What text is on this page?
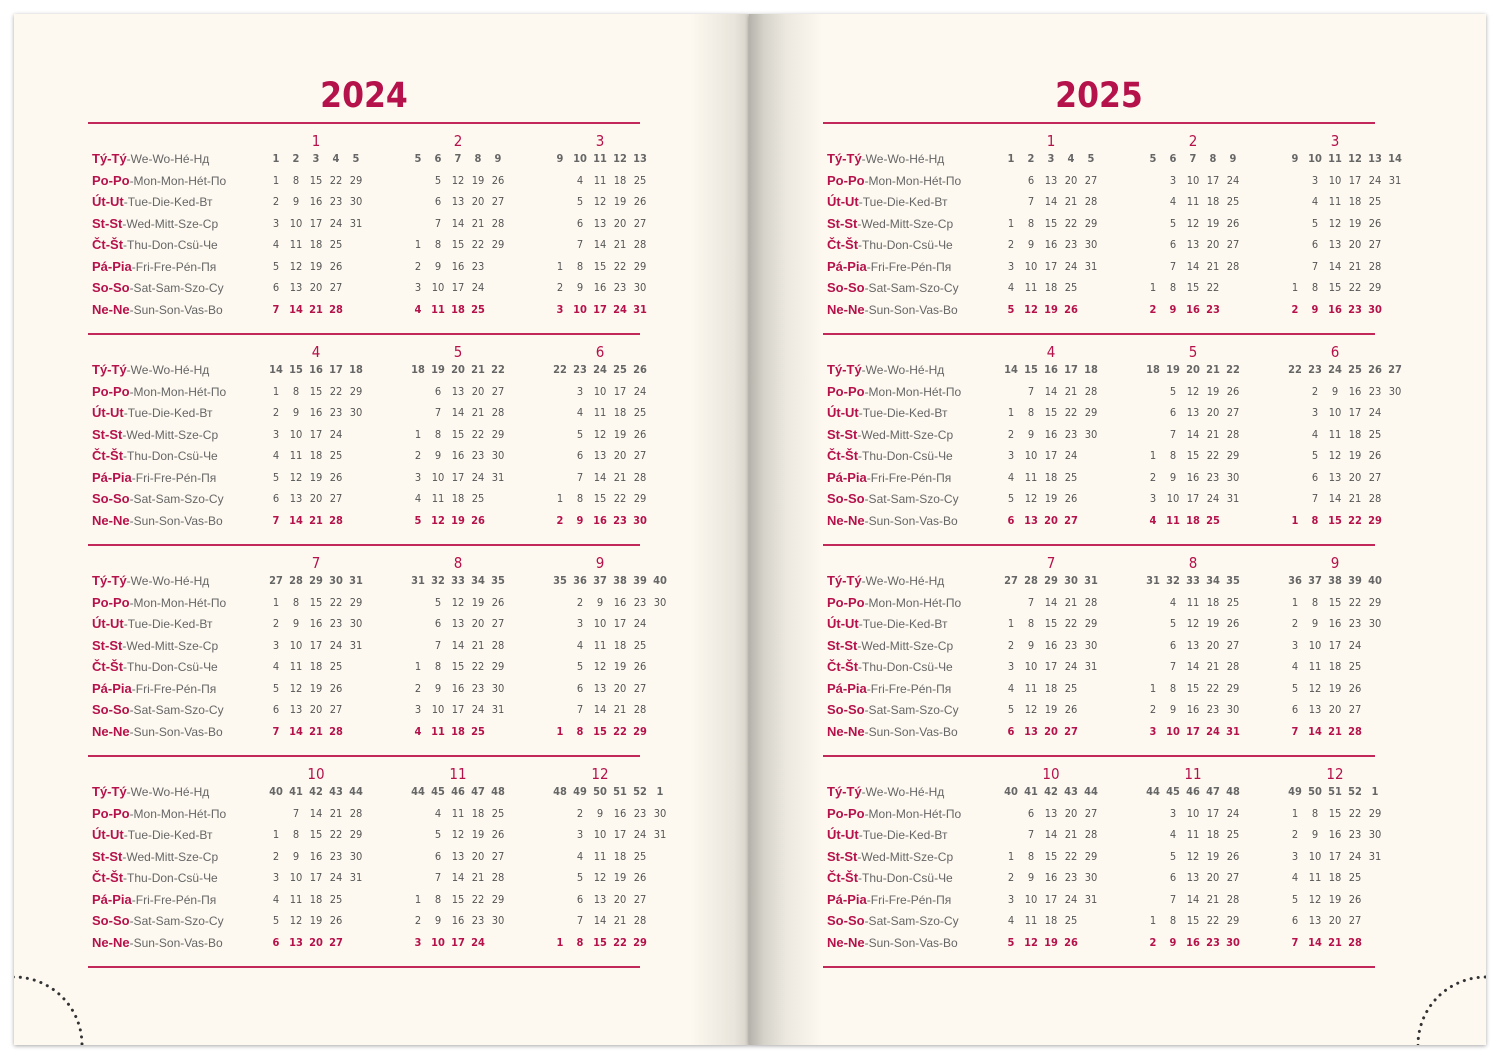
2024
Tý-Tý-We-Wo-Hé-Нд
Po-Po-Mon-Mon-Hét-По
Út-Ut-Tue-Die-Ked-Вт
St-St-Wed-Mitt-Sze-Ср
Čt-Št-Thu-Don-Csü-Че
Pá-Pia-Fri-Fre-Pén-Пя
So-So-Sat-Sam-Szo-Cy
Ne-Ne-Sun-Son-Vas-Bo
1
1
1
2
3
4
5
6
7
2
8
9
10
11
12
13
14
3
15
16
17
18
19
20
21
4
22
23
24
25
26
27
28
5
29
30
31
2
5
1
2
3
4
6
5
6
7
8
9
10
11
7
12
13
14
15
16
17
18
8
19
20
21
22
23
24
25
9
26
27
28
29
3
9
1
2
3
10
4
5
6
7
8
9
10
11
11
12
13
14
15
16
17
12
18
19
20
21
22
23
24
13
25
26
27
28
29
30
31
Tý-Tý-We-Wo-Hé-Нд
Po-Po-Mon-Mon-Hét-По
Út-Ut-Tue-Die-Ked-Вт
St-St-Wed-Mitt-Sze-Ср
Čt-Št-Thu-Don-Csü-Че
Pá-Pia-Fri-Fre-Pén-Пя
So-So-Sat-Sam-Szo-Cy
Ne-Ne-Sun-Son-Vas-Bo
4
14
1
2
3
4
5
6
7
15
8
9
10
11
12
13
14
16
15
16
17
18
19
20
21
17
22
23
24
25
26
27
28
18
29
30
5
18
1
2
3
4
5
19
6
7
8
9
10
11
12
20
13
14
15
16
17
18
19
21
20
21
22
23
24
25
26
22
27
28
29
30
31
6
22
1
2
23
3
4
5
6
7
8
9
24
10
11
12
13
14
15
16
25
17
18
19
20
21
22
23
26
24
25
26
27
28
29
30
Tý-Tý-We-Wo-Hé-Нд
Po-Po-Mon-Mon-Hét-По
Út-Ut-Tue-Die-Ked-Вт
St-St-Wed-Mitt-Sze-Ср
Čt-Št-Thu-Don-Csü-Че
Pá-Pia-Fri-Fre-Pén-Пя
So-So-Sat-Sam-Szo-Cy
Ne-Ne-Sun-Son-Vas-Bo
7
27
1
2
3
4
5
6
7
28
8
9
10
11
12
13
14
29
15
16
17
18
19
20
21
30
22
23
24
25
26
27
28
31
29
30
31
8
31
1
2
3
4
32
5
6
7
8
9
10
11
33
12
13
14
15
16
17
18
34
19
20
21
22
23
24
25
35
26
27
28
29
30
31
9
35
1
36
2
3
4
5
6
7
8
37
9
10
11
12
13
14
15
38
16
17
18
19
20
21
22
39
23
24
25
26
27
28
29
40
30
Tý-Tý-We-Wo-Hé-Нд
Po-Po-Mon-Mon-Hét-По
Út-Ut-Tue-Die-Ked-Вт
St-St-Wed-Mitt-Sze-Ср
Čt-Št-Thu-Don-Csü-Че
Pá-Pia-Fri-Fre-Pén-Пя
So-So-Sat-Sam-Szo-Cy
Ne-Ne-Sun-Son-Vas-Bo
10
40
1
2
3
4
5
6
41
7
8
9
10
11
12
13
42
14
15
16
17
18
19
20
43
21
22
23
24
25
26
27
44
28
29
30
31
11
44
1
2
3
45
4
5
6
7
8
9
10
46
11
12
13
14
15
16
17
47
18
19
20
21
22
23
24
48
25
26
27
28
29
30
12
48
1
49
2
3
4
5
6
7
8
50
9
10
11
12
13
14
15
51
16
17
18
19
20
21
22
52
23
24
25
26
27
28
29
1
30
31
2025
Tý-Tý-We-Wo-Hé-Нд
Po-Po-Mon-Mon-Hét-По
Út-Ut-Tue-Die-Ked-Вт
St-St-Wed-Mitt-Sze-Ср
Čt-Št-Thu-Don-Csü-Че
Pá-Pia-Fri-Fre-Pén-Пя
So-So-Sat-Sam-Szo-Cy
Ne-Ne-Sun-Son-Vas-Bo
1
1
1
2
3
4
5
2
6
7
8
9
10
11
12
3
13
14
15
16
17
18
19
4
20
21
22
23
24
25
26
5
27
28
29
30
31
2
5
1
2
6
3
4
5
6
7
8
9
7
10
11
12
13
14
15
16
8
17
18
19
20
21
22
23
9
24
25
26
27
28
3
9
1
2
10
3
4
5
6
7
8
9
11
10
11
12
13
14
15
16
12
17
18
19
20
21
22
23
13
24
25
26
27
28
29
30
14
31
Tý-Tý-We-Wo-Hé-Нд
Po-Po-Mon-Mon-Hét-По
Út-Ut-Tue-Die-Ked-Вт
St-St-Wed-Mitt-Sze-Ср
Čt-Št-Thu-Don-Csü-Че
Pá-Pia-Fri-Fre-Pén-Пя
So-So-Sat-Sam-Szo-Cy
Ne-Ne-Sun-Son-Vas-Bo
4
14
1
2
3
4
5
6
15
7
8
9
10
11
12
13
16
14
15
16
17
18
19
20
17
21
22
23
24
25
26
27
18
28
29
30
5
18
1
2
3
4
19
5
6
7
8
9
10
11
20
12
13
14
15
16
17
18
21
19
20
21
22
23
24
25
22
26
27
28
29
30
31
6
22
1
23
2
3
4
5
6
7
8
24
9
10
11
12
13
14
15
25
16
17
18
19
20
21
22
26
23
24
25
26
27
28
29
27
30
Tý-Tý-We-Wo-Hé-Нд
Po-Po-Mon-Mon-Hét-По
Út-Ut-Tue-Die-Ked-Вт
St-St-Wed-Mitt-Sze-Ср
Čt-Št-Thu-Don-Csü-Че
Pá-Pia-Fri-Fre-Pén-Пя
So-So-Sat-Sam-Szo-Cy
Ne-Ne-Sun-Son-Vas-Bo
7
27
1
2
3
4
5
6
28
7
8
9
10
11
12
13
29
14
15
16
17
18
19
20
30
21
22
23
24
25
26
27
31
28
29
30
31
8
31
1
2
3
32
4
5
6
7
8
9
10
33
11
12
13
14
15
16
17
34
18
19
20
21
22
23
24
35
25
26
27
28
29
30
31
9
36
1
2
3
4
5
6
7
37
8
9
10
11
12
13
14
38
15
16
17
18
19
20
21
39
22
23
24
25
26
27
28
40
29
30
Tý-Tý-We-Wo-Hé-Нд
Po-Po-Mon-Mon-Hét-По
Út-Ut-Tue-Die-Ked-Вт
St-St-Wed-Mitt-Sze-Ср
Čt-Št-Thu-Don-Csü-Че
Pá-Pia-Fri-Fre-Pén-Пя
So-So-Sat-Sam-Szo-Cy
Ne-Ne-Sun-Son-Vas-Bo
10
40
1
2
3
4
5
41
6
7
8
9
10
11
12
42
13
14
15
16
17
18
19
43
20
21
22
23
24
25
26
44
27
28
29
30
31
11
44
1
2
45
3
4
5
6
7
8
9
46
10
11
12
13
14
15
16
47
17
18
19
20
21
22
23
48
24
25
26
27
28
29
30
12
49
1
2
3
4
5
6
7
50
8
9
10
11
12
13
14
51
15
16
17
18
19
20
21
52
22
23
24
25
26
27
28
1
29
30
31
